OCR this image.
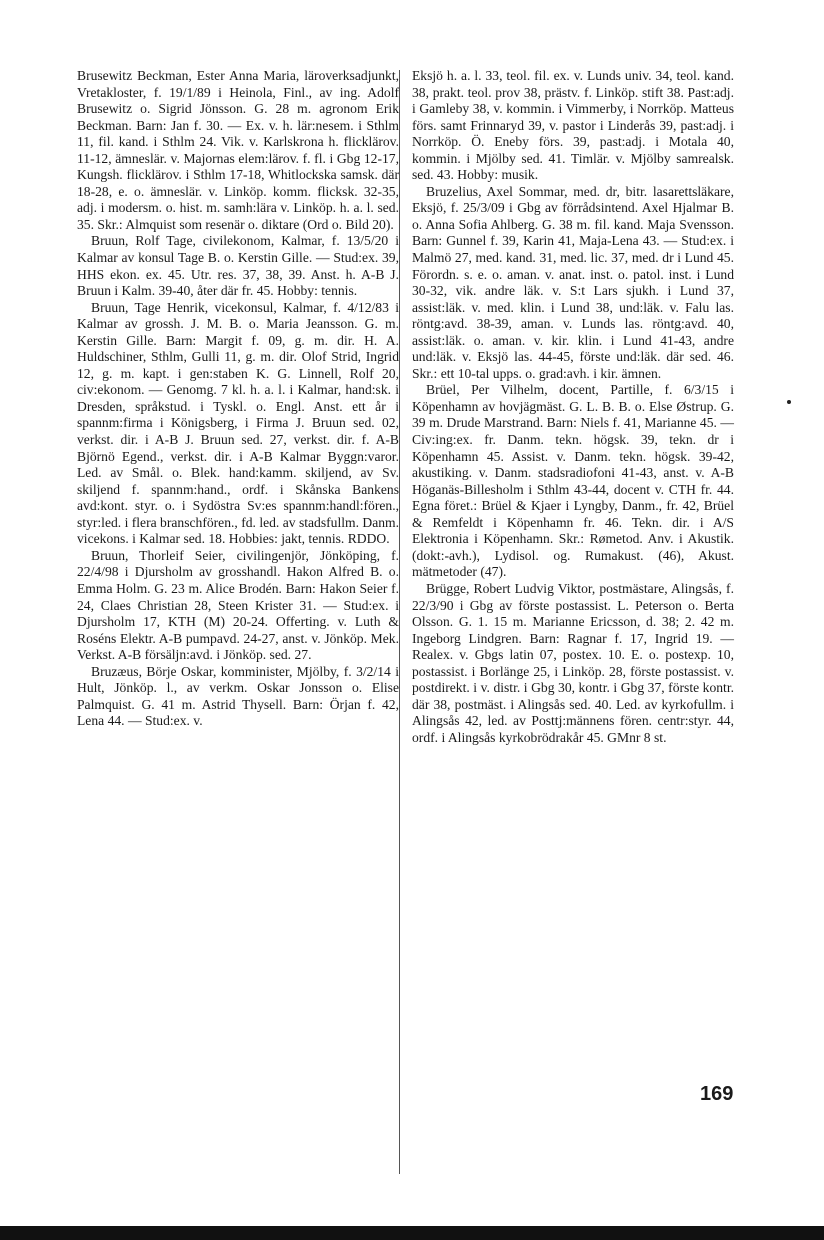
Brusewitz Beckman, Ester Anna Maria, läroverksadjunkt, Vretakloster, f. 19/1/89 i Heinola, Finl., av ing. Adolf Brusewitz o. Sigrid Jönsson. G. 28 m. agronom Erik Beckman. Barn: Jan f. 30. — Ex. v. h. lär:nesem. i Sthlm 11, fil. kand. i Sthlm 24. Vik. v. Karlskrona h. flicklärov. 11-12, ämneslär. v. Majornas elem:lärov. f. fl. i Gbg 12-17, Kungsh. flicklärov. i Sthlm 17-18, Whitlockska samsk. där 18-28, e. o. ämneslär. v. Linköp. komm. flicksk. 32-35, adj. i modersm. o. hist. m. samh:lära v. Linköp. h. a. l. sed. 35. Skr.: Almquist som resenär o. diktare (Ord o. Bild 20).

Bruun, Rolf Tage, civilekonom, Kalmar, f. 13/5/20 i Kalmar av konsul Tage B. o. Kerstin Gille. — Stud:ex. 39, HHS ekon. ex. 45. Utr. res. 37, 38, 39. Anst. h. A-B J. Bruun i Kalm. 39-40, åter där fr. 45. Hobby: tennis.

Bruun, Tage Henrik, vicekonsul, Kalmar, f. 4/12/83 i Kalmar av grossh. J. M. B. o. Maria Jeansson. G. m. Kerstin Gille. Barn: Margit f. 09, g. m. dir. H. A. Huldschiner, Sthlm, Gulli 11, g. m. dir. Olof Strid, Ingrid 12, g. m. kapt. i gen:staben K. G. Linnell, Rolf 20, civ:ekonom. — Genomg. 7 kl. h. a. l. i Kalmar, hand:sk. i Dresden, språkstud. i Tyskl. o. Engl. Anst. ett år i spannm:firma i Königsberg, i Firma J. Bruun sed. 02, verkst. dir. i A-B J. Bruun sed. 27, verkst. dir. f. A-B Björnö Egend., verkst. dir. i A-B Kalmar Byggn:varor. Led. av Smål. o. Blek. hand:kamm. skiljend, av Sv. skiljend f. spannm:hand., ordf. i Skånska Bankens avd:kont. styr. o. i Sydöstra Sv:es spannm:handl:fören., styr:led. i flera branschfören., fd. led. av stadsfullm. Danm. vicekons. i Kalmar sed. 18. Hobbies: jakt, tennis. RDDO.

Bruun, Thorleif Seier, civilingenjör, Jönköping, f. 22/4/98 i Djursholm av grosshandl. Hakon Alfred B. o. Emma Holm. G. 23 m. Alice Brodén. Barn: Hakon Seier f. 24, Claes Christian 28, Steen Krister 31. — Stud:ex. i Djursholm 17, KTH (M) 20-24. Offerting. v. Luth & Roséns Elektr. A-B pumpavd. 24-27, anst. v. Jönköp. Mek. Verkst. A-B försäljn:avd. i Jönköp. sed. 27.

Bruzæus, Börje Oskar, komminister, Mjölby, f. 3/2/14 i Hult, Jönköp. l., av verkm. Oskar Jonsson o. Elise Palmquist. G. 41 m. Astrid Thysell. Barn: Örjan f. 42, Lena 44. — Stud:ex. v.

Eksjö h. a. l. 33, teol. fil. ex. v. Lunds univ. 34, teol. kand. 38, prakt. teol. prov 38, prästv. f. Linköp. stift 38. Past:adj. i Gamleby 38, v. kommin. i Vimmerby, i Norrköp. Matteus förs. samt Frinnaryd 39, v. pastor i Linderås 39, past:adj. i Norrköp. Ö. Eneby förs. 39, past:adj. i Motala 40, kommin. i Mjölby sed. 41. Timlär. v. Mjölby samrealsk. sed. 43. Hobby: musik.

Bruzelius, Axel Sommar, med. dr, bitr. lasarettsläkare, Eksjö, f. 25/3/09 i Gbg av förrådsintend. Axel Hjalmar B. o. Anna Sofia Ahlberg. G. 38 m. fil. kand. Maja Svensson. Barn: Gunnel f. 39, Karin 41, Maja-Lena 43. — Stud:ex. i Malmö 27, med. kand. 31, med. lic. 37, med. dr i Lund 45. Förordn. s. e. o. aman. v. anat. inst. o. patol. inst. i Lund 30-32, vik. andre läk. v. S:t Lars sjukh. i Lund 37, assist:läk. v. med. klin. i Lund 38, und:läk. v. Falu las. röntg:avd. 38-39, aman. v. Lunds las. röntg:avd. 40, assist:läk. o. aman. v. kir. klin. i Lund 41-43, andre und:läk. v. Eksjö las. 44-45, förste und:läk. där sed. 46. Skr.: ett 10-tal upps. o. grad:avh. i kir. ämnen.

Brüel, Per Vilhelm, docent, Partille, f. 6/3/15 i Köpenhamn av hovjägmäst. G. L. B. B. o. Else Østrup. G. 39 m. Drude Marstrand. Barn: Niels f. 41, Marianne 45. — Civ:ing:ex. fr. Danm. tekn. högsk. 39, tekn. dr i Köpenhamn 45. Assist. v. Danm. tekn. högsk. 39-42, akustiking. v. Danm. stadsradiofoni 41-43, anst. v. A-B Höganäs-Billesholm i Sthlm 43-44, docent v. CTH fr. 44. Egna föret.: Brüel & Kjaer i Lyngby, Danm., fr. 42, Brüel & Remfeldt i Köpenhamn fr. 46. Tekn. dir. i A/S Elektronia i Köpenhamn. Skr.: Rømetod. Anv. i Akustik. (dokt:-avh.), Lydisol. og. Rumakust. (46), Akust. mätmetoder (47).

Brügge, Robert Ludvig Viktor, postmästare, Alingsås, f. 22/3/90 i Gbg av förste postassist. L. Peterson o. Berta Olsson. G. 1. 15 m. Marianne Ericsson, d. 38; 2. 42 m. Ingeborg Lindgren. Barn: Ragnar f. 17, Ingrid 19. — Realex. v. Gbgs latin 07, postex. 10. E. o. postexp. 10, postassist. i Borlänge 25, i Linköp. 28, förste postassist. v. postdirekt. i v. distr. i Gbg 30, kontr. i Gbg 37, förste kontr. där 38, postmäst. i Alingsås sed. 40. Led. av kyrkofullm. i Alingsås 42, led. av Posttj:männens fören. centr:styr. 44, ordf. i Alingsås kyrkobrödrakår 45. GMnr 8 st.

169
